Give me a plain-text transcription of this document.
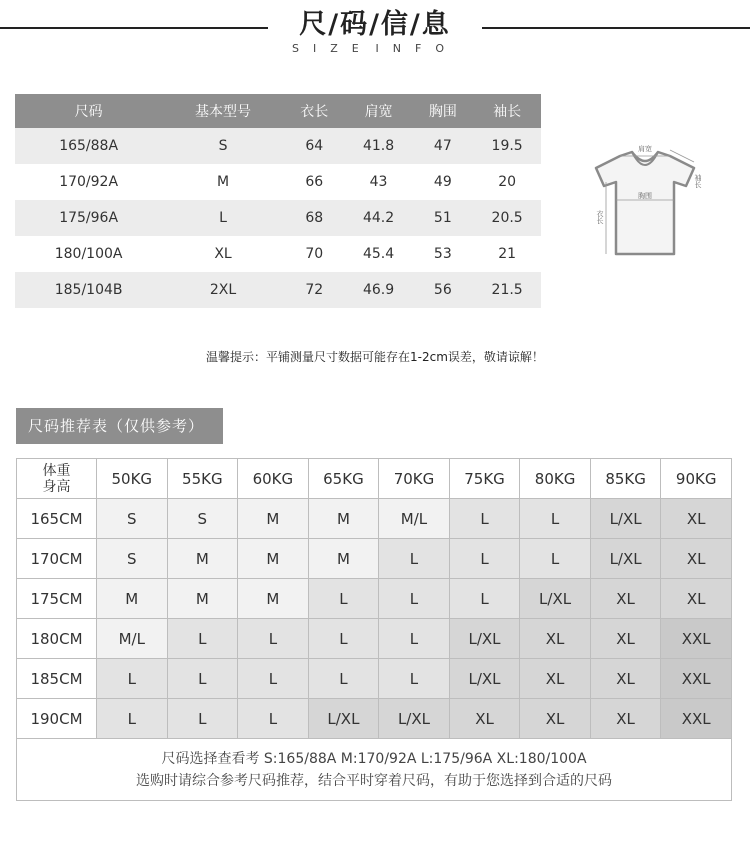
尺/码/信/息
SIZE INFO
尺码	基本型号	衣长	肩宽	胸围	袖长
165/88A	S	64	41.8	47	19.5
170/92A	M	66	43	49	20
175/96A	L	68	44.2	51	20.5
180/100A	XL	70	45.4	53	21
185/104B	2XL	72	46.9	56	21.5
肩宽
袖长
衣长
胸围
温馨提示：平铺测量尺寸数据可能存在1-2cm误差，敬请谅解！
尺码推荐表（仅供参考）
体重
身高	50KG	55KG	60KG	65KG	70KG	75KG	80KG	85KG	90KG
165CM	S	S	M	M	M/L	L	L	L/XL	XL
170CM	S	M	M	M	L	L	L	L/XL	XL
175CM	M	M	M	L	L	L	L/XL	XL	XL
180CM	M/L	L	L	L	L	L/XL	XL	XL	XXL
185CM	L	L	L	L	L	L/XL	XL	XL	XXL
190CM	L	L	L	L/XL	L/XL	XL	XL	XL	XXL

尺码选择查看考 S:165/88A M:170/92A L:175/96A XL:180/100A
选购时请综合参考尺码推荐，结合平时穿着尺码，有助于您选择到合适的尺码									
